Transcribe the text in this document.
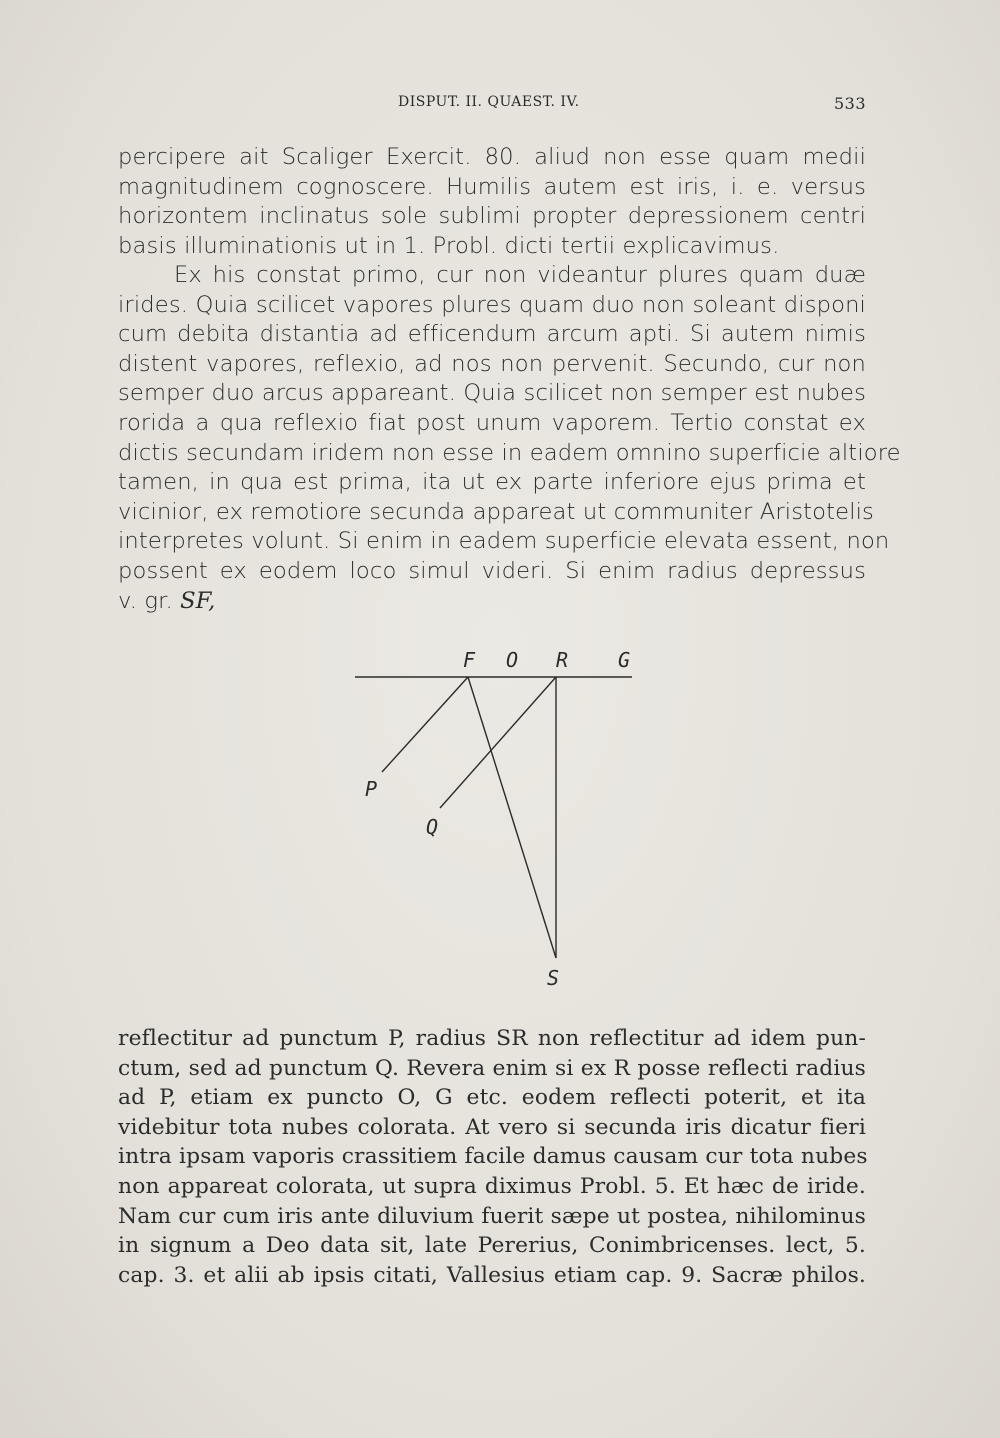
DISPUT. II. QUAEST. IV.	533
percipere ait Scaliger Exercit. 80. aliud non esse quam medii
magnitudinem cognoscere. Humilis autem est iris, i. e. versus
horizontem inclinatus sole sublimi propter depressionem centri
basis illuminationis ut in 1. Probl. dicti tertii explicavimus.
Ex his constat primo, cur non videantur plures quam duæ
irides. Quia scilicet vapores plures quam duo non soleant disponi
cum debita distantia ad efficendum arcum apti. Si autem nimis
distent vapores, reflexio, ad nos non pervenit. Secundo, cur non
semper duo arcus appareant. Quia scilicet non semper est nubes
rorida a qua reflexio fiat post unum vaporem. Tertio constat ex
dictis secundam iridem non esse in eadem omnino superficie altiore
tamen, in qua est prima, ita ut ex parte inferiore ejus prima et
vicinior, ex remotiore secunda appareat ut communiter Aristotelis
interpretes volunt. Si enim in eadem superficie elevata essent, non
possent ex eodem loco simul videri. Si enim radius depressus
v. gr. SF,
F O R G
P
Q
S
reflectitur ad punctum P, radius SR non reflectitur ad idem pun-
ctum, sed ad punctum Q. Revera enim si ex R posse reflecti radius
ad P, etiam ex puncto O, G etc. eodem reflecti poterit, et ita
videbitur tota nubes colorata. At vero si secunda iris dicatur fieri
intra ipsam vaporis crassitiem facile damus causam cur tota nubes
non appareat colorata, ut supra diximus Probl. 5. Et hæc de iride.
Nam cur cum iris ante diluvium fuerit sæpe ut postea, nihilominus
in signum a Deo data sit, late Pererius, Conimbricenses. lect, 5.
cap. 3. et alii ab ipsis citati, Vallesius etiam cap. 9. Sacræ philos.
